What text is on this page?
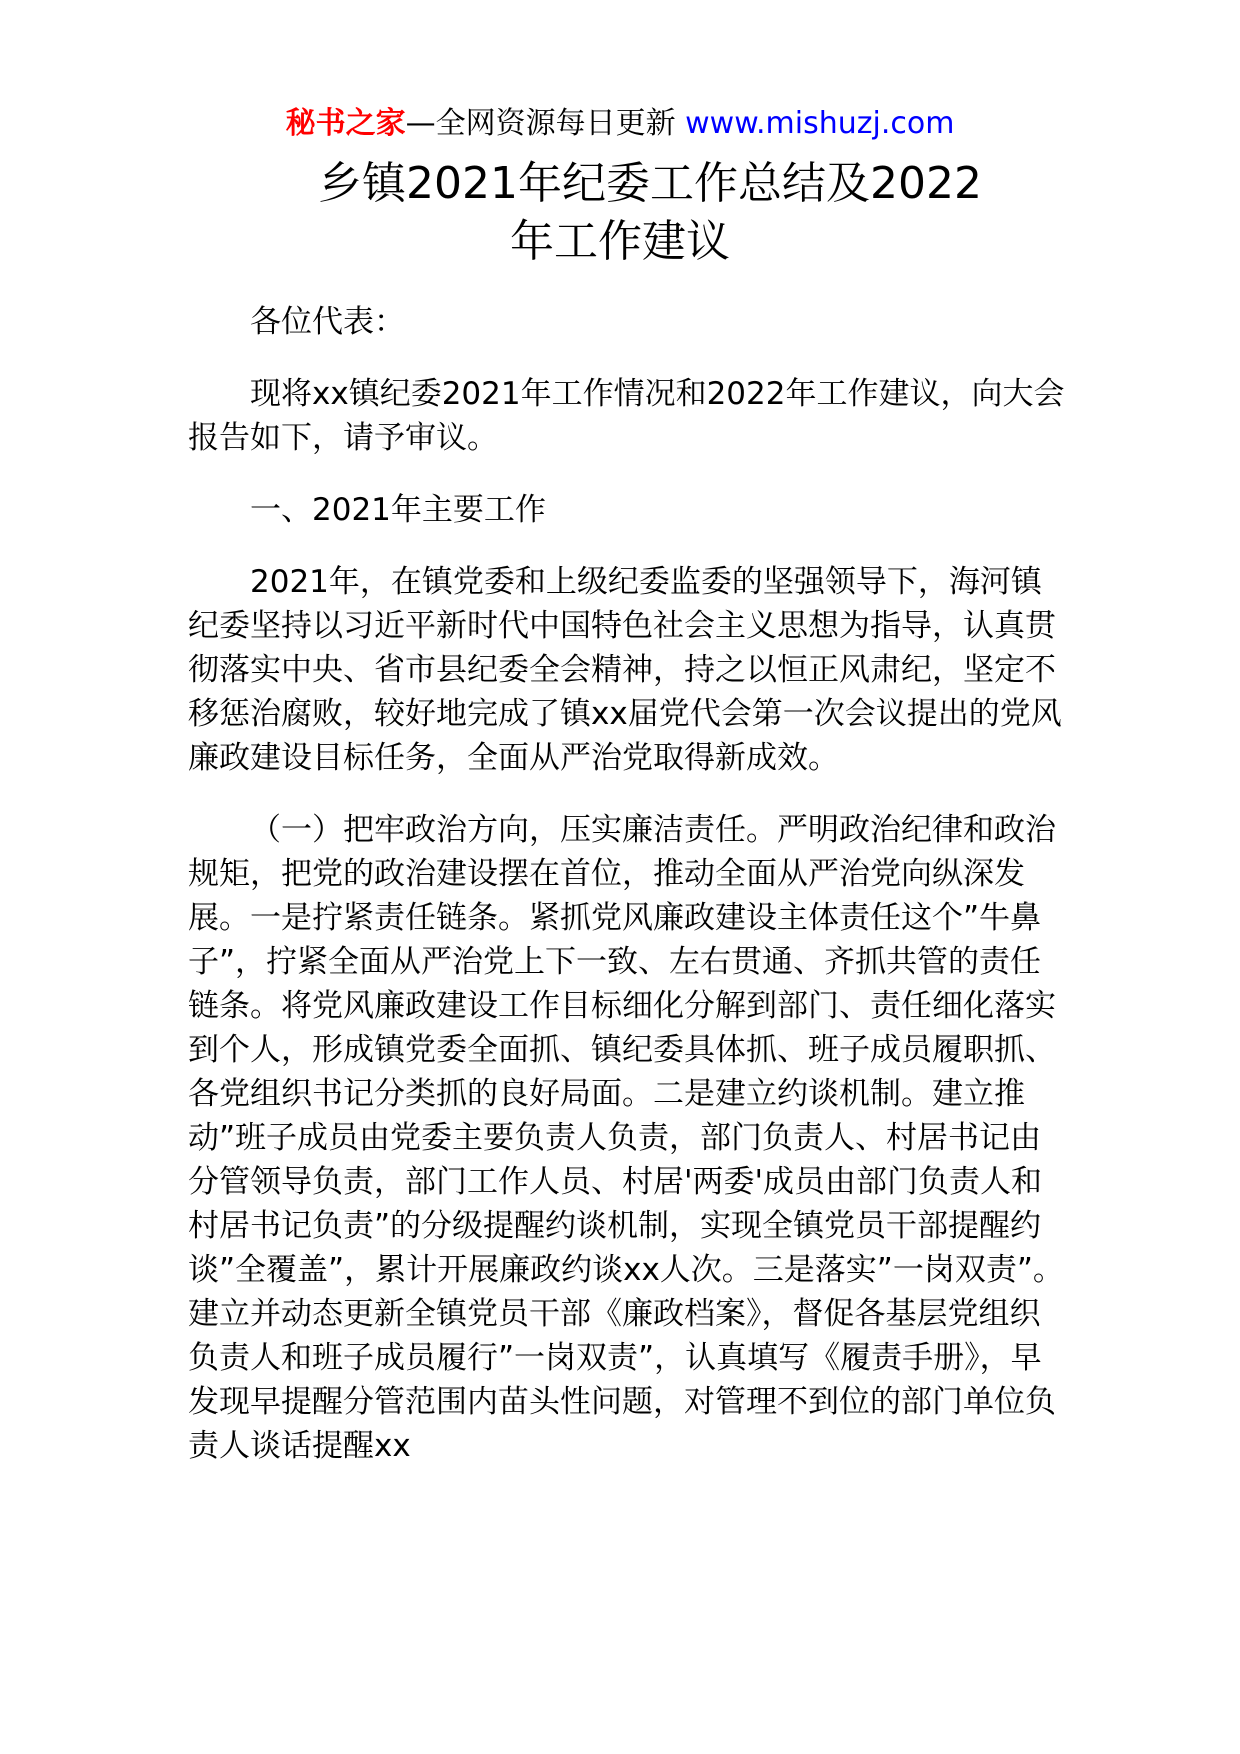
秘书之家—全网资源每日更新 www.mishuzj.com
乡镇2021年纪委工作总结及2022
年工作建议

各位代表：

现将xx镇纪委2021年工作情况和2022年工作建议，向大会报告如下，请予审议。

一、2021年主要工作

2021年，在镇党委和上级纪委监委的坚强领导下，海河镇纪委坚持以习近平新时代中国特色社会主义思想为指导，认真贯彻落实中央、省市县纪委全会精神，持之以恒正风肃纪，坚定不移惩治腐败，较好地完成了镇xx届党代会第一次会议提出的党风廉政建设目标任务，全面从严治党取得新成效。

（一）把牢政治方向，压实廉洁责任。严明政治纪律和政治规矩，把党的政治建设摆在首位，推动全面从严治党向纵深发展。一是拧紧责任链条。紧抓党风廉政建设主体责任这个”牛鼻子”，拧紧全面从严治党上下一致、左右贯通、齐抓共管的责任链条。将党风廉政建设工作目标细化分解到部门、责任细化落实到个人，形成镇党委全面抓、镇纪委具体抓、班子成员履职抓、各党组织书记分类抓的良好局面。二是建立约谈机制。建立推动”班子成员由党委主要负责人负责，部门负责人、村居书记由分管领导负责，部门工作人员、村居'两委'成员由部门负责人和村居书记负责”的分级提醒约谈机制，实现全镇党员干部提醒约谈”全覆盖”，累计开展廉政约谈xx人次。三是落实”一岗双责”。建立并动态更新全镇党员干部《廉政档案》，督促各基层党组织负责人和班子成员履行”一岗双责”，认真填写《履责手册》，早发现早提醒分管范围内苗头性问题，对管理不到位的部门单位负责人谈话提醒xx
